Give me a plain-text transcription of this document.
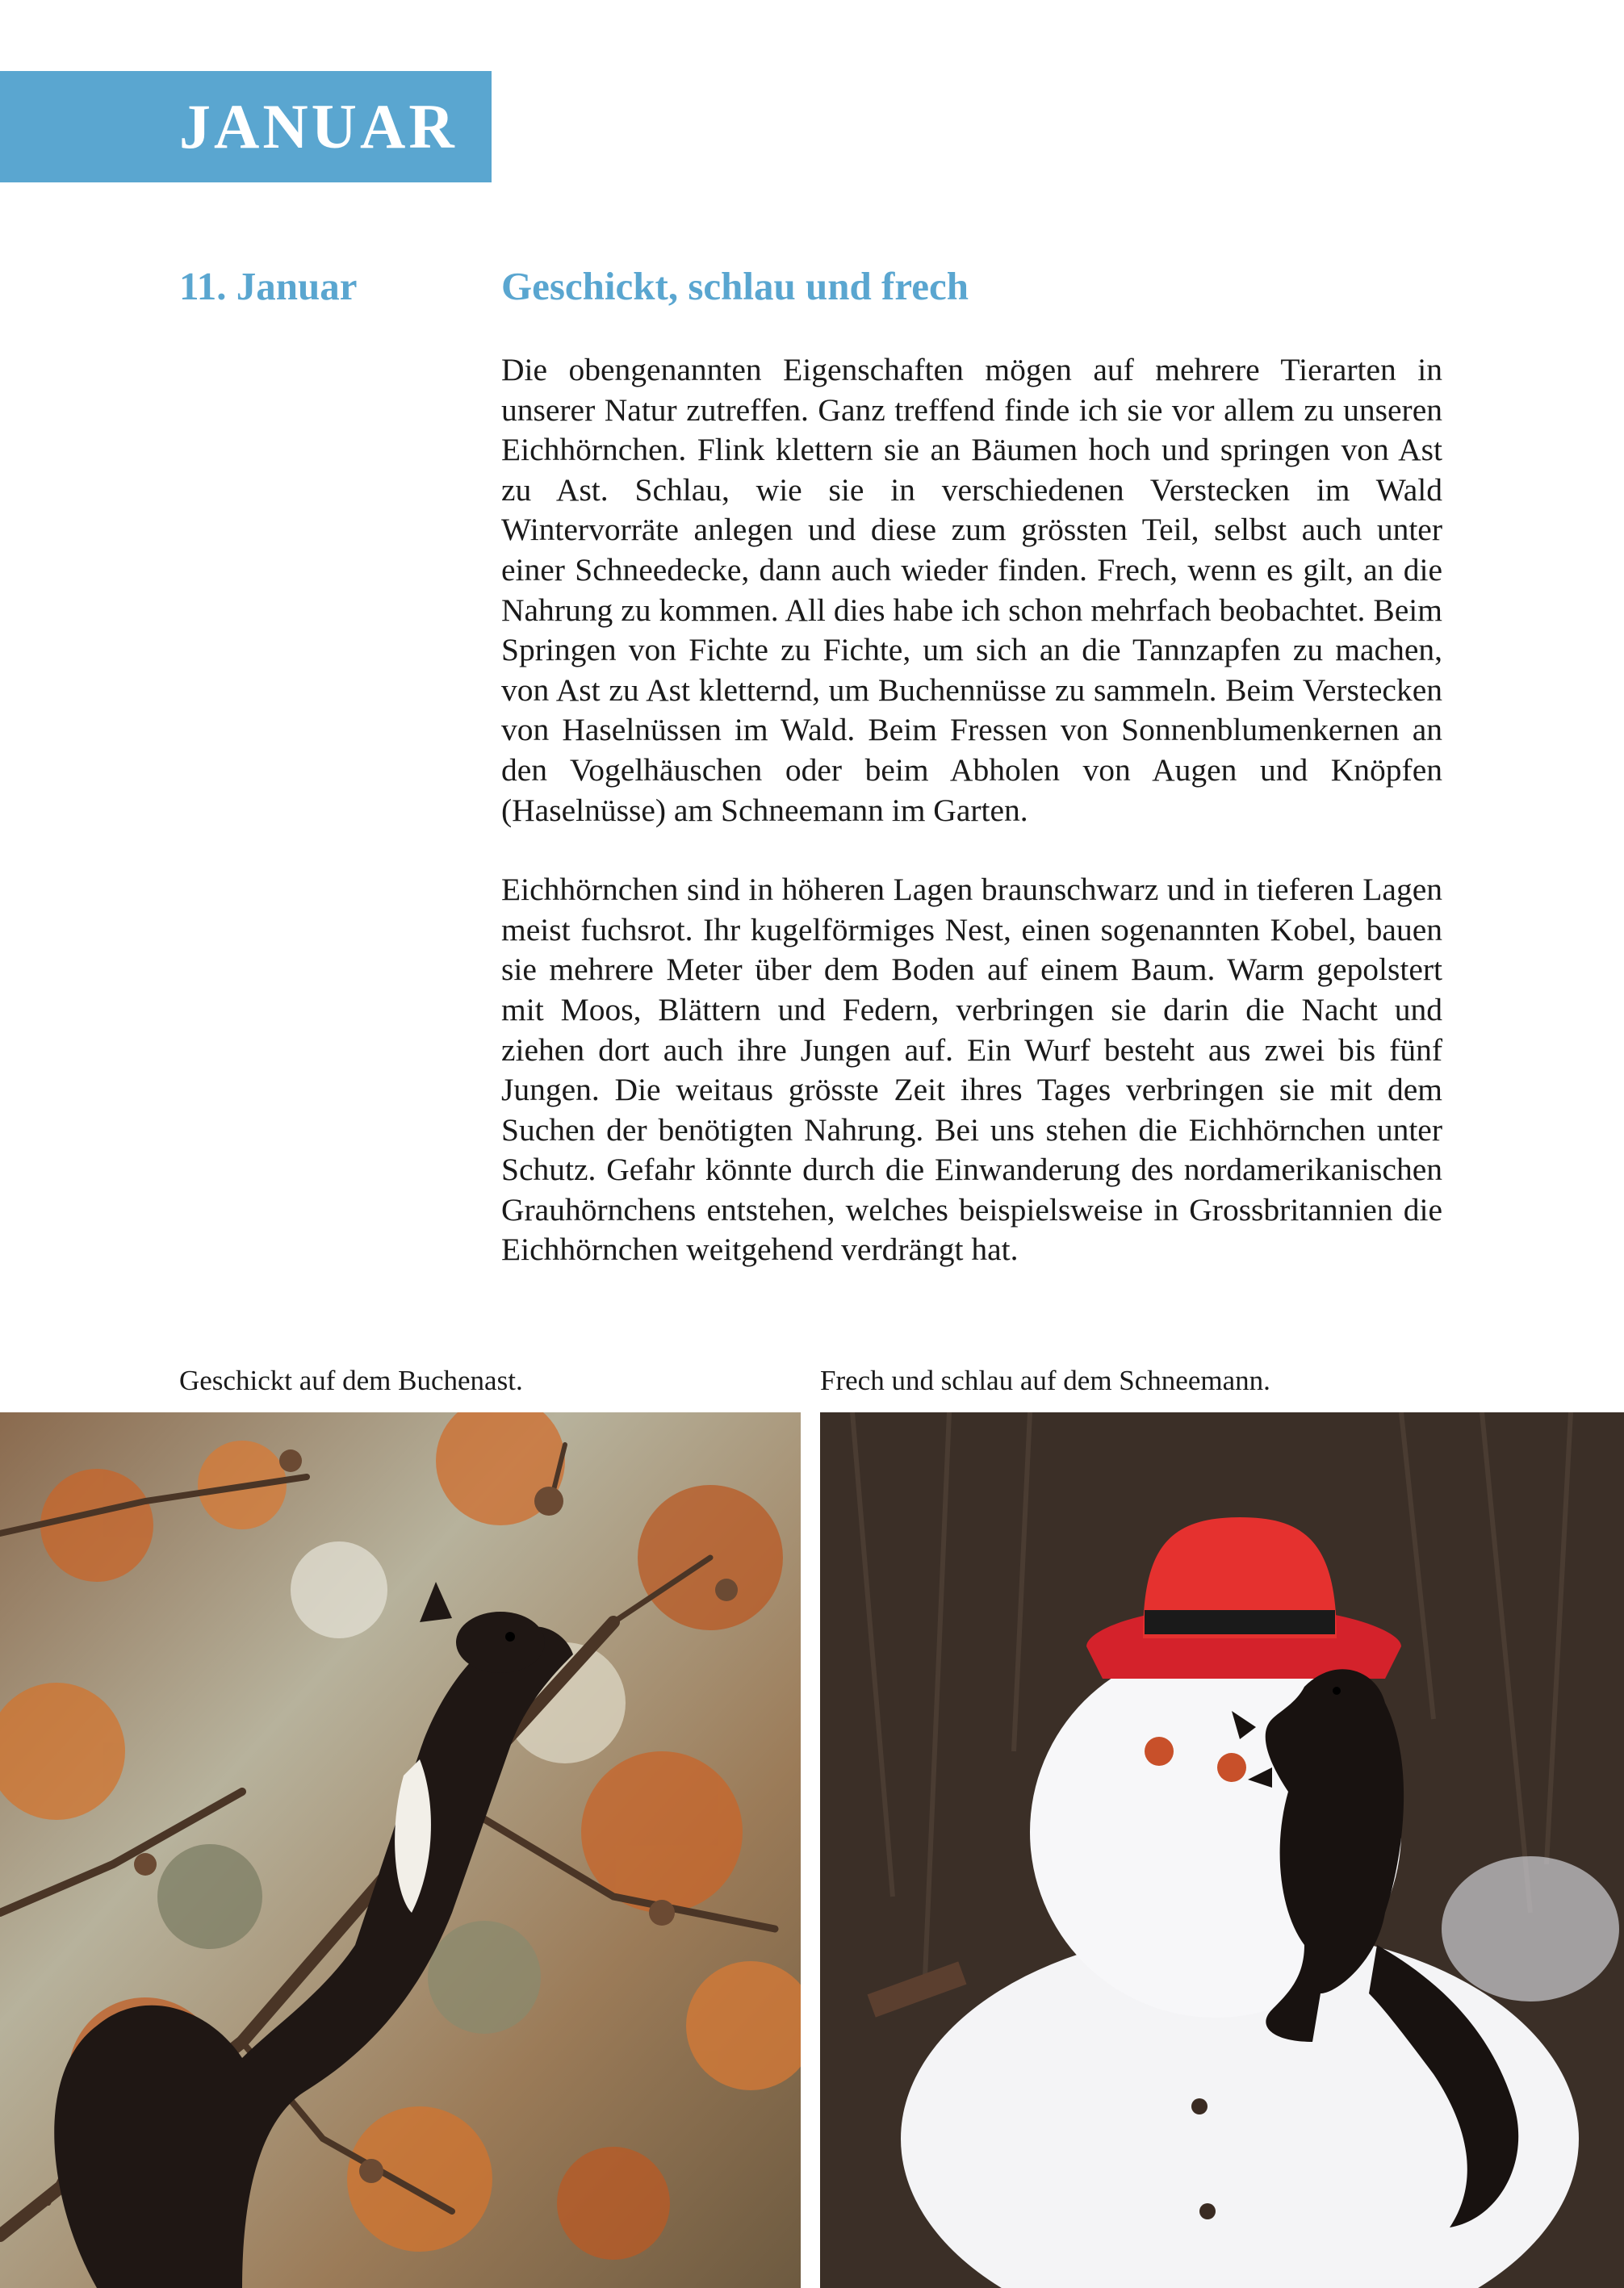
JANUAR
11. Januar	Geschickt, schlau und frech

Die obengenannten Eigenschaften mögen auf mehrere Tierarten in unserer Natur zutreffen. Ganz treffend finde ich sie vor allem zu unseren Eichhörnchen. Flink klettern sie an Bäumen hoch und springen von Ast zu Ast. Schlau, wie sie in verschiedenen Verstecken im Wald Wintervorräte anlegen und diese zum grössten Teil, selbst auch unter einer Schneedecke, dann auch wieder finden. Frech, wenn es gilt, an die Nahrung zu kommen. All dies habe ich schon mehrfach beobachtet. Beim Springen von Fichte zu Fichte, um sich an die Tannzapfen zu machen, von Ast zu Ast kletternd, um Buchennüsse zu sammeln. Beim Verstecken von Haselnüssen im Wald. Beim Fressen von Sonnenblumenkernen an den Vogelhäuschen oder beim Abholen von Augen und Knöpfen (Haselnüsse) am Schneemann im Garten.

Eichhörnchen sind in höheren Lagen braunschwarz und in tieferen Lagen meist fuchsrot. Ihr kugelförmiges Nest, einen sogenannten Kobel, bauen sie mehrere Meter über dem Boden auf einem Baum. Warm gepolstert mit Moos, Blättern und Federn, verbringen sie darin die Nacht und ziehen dort auch ihre Jungen auf. Ein Wurf besteht aus zwei bis fünf Jungen. Die weitaus grösste Zeit ihres Tages verbringen sie mit dem Suchen der benötigten Nahrung. Bei uns stehen die Eichhörnchen unter Schutz. Gefahr könnte durch die Einwanderung des nordamerikanischen Grauhörnchens entstehen, welches beispielsweise in Grossbritannien die Eichhörnchen weitgehend verdrängt hat.

Geschickt auf dem Buchenast.	Frech und schlau auf dem Schneemann.
